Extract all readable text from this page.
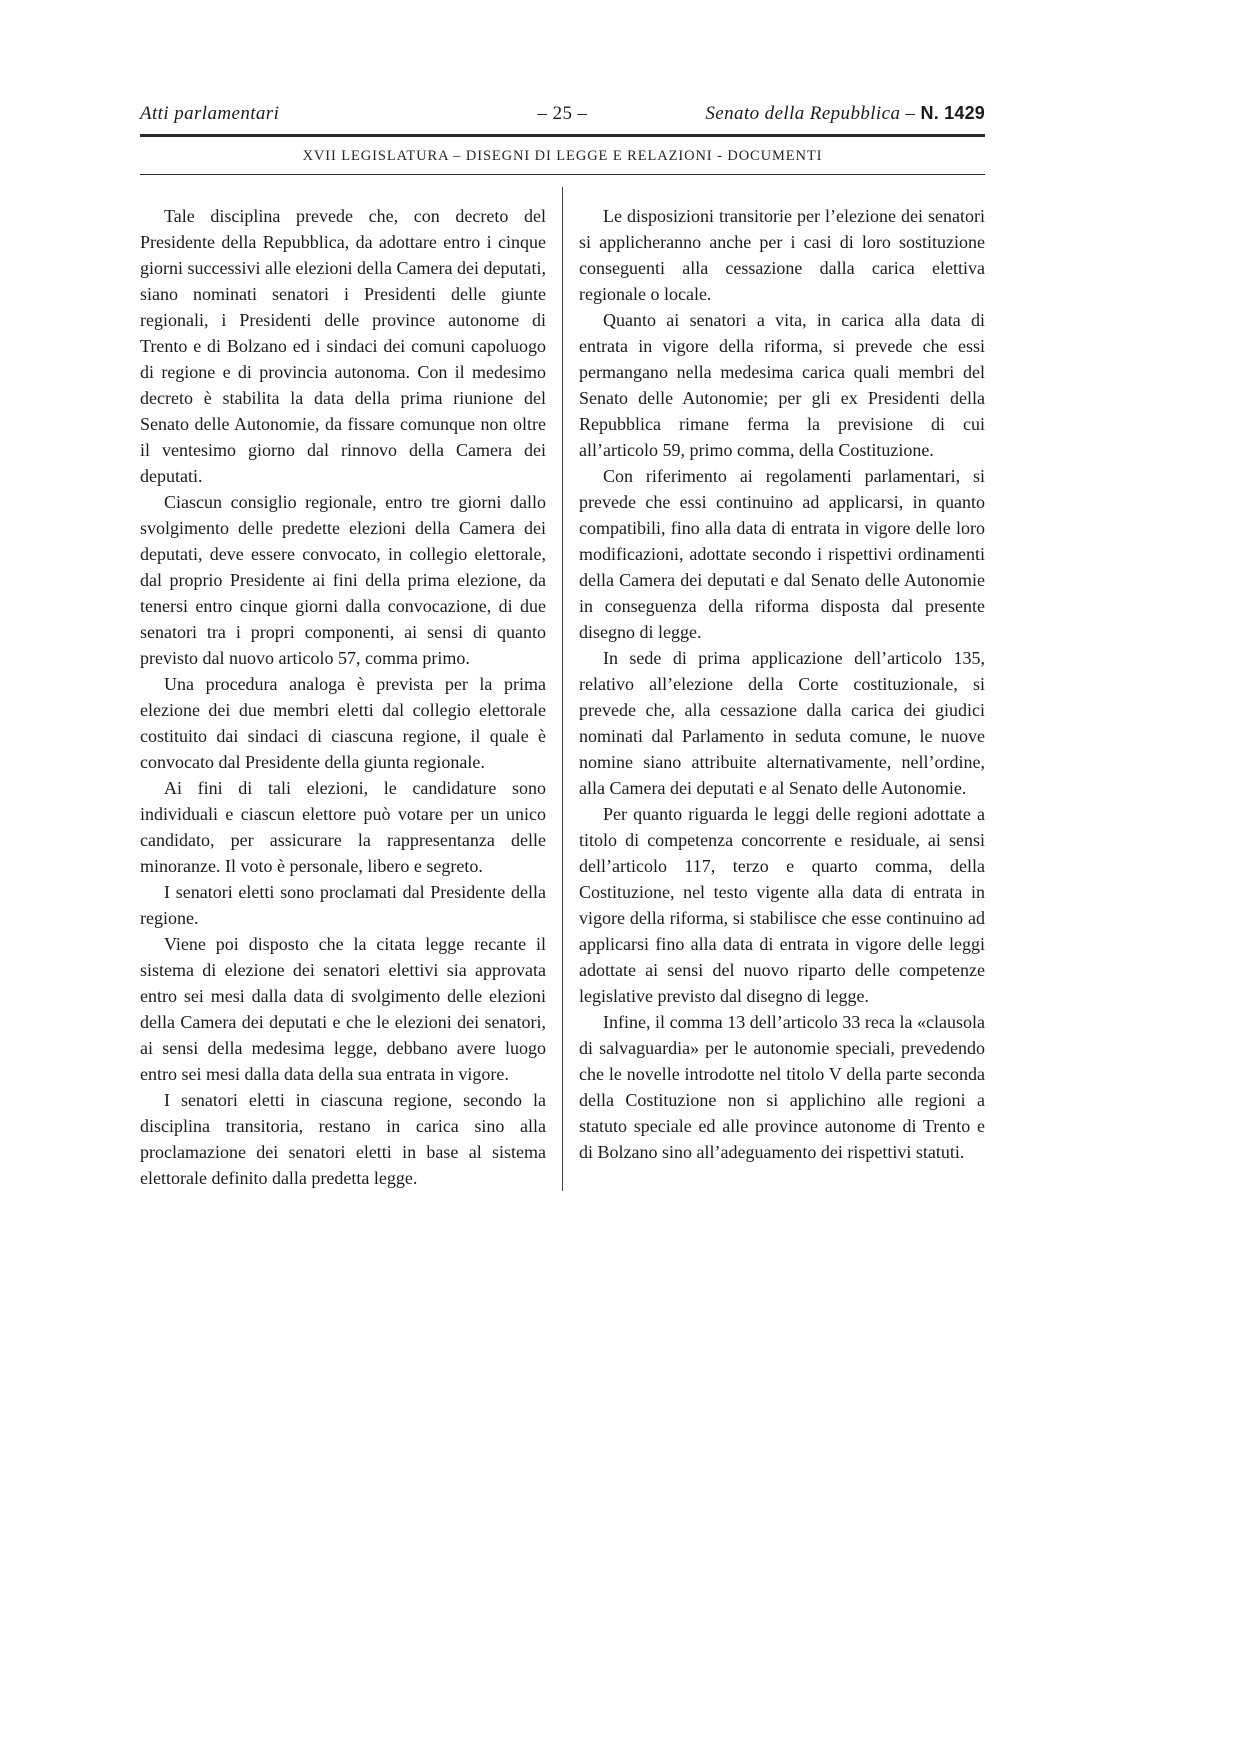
Atti parlamentari	– 25 –	Senato della Repubblica – N. 1429
XVII LEGISLATURA – DISEGNI DI LEGGE E RELAZIONI - DOCUMENTI

Tale disciplina prevede che, con decreto del Presidente della Repubblica, da adottare entro i cinque giorni successivi alle elezioni della Camera dei deputati, siano nominati senatori i Presidenti delle giunte regionali, i Presidenti delle province autonome di Trento e di Bolzano ed i sindaci dei comuni capoluogo di regione e di provincia autonoma. Con il medesimo decreto è stabilita la data della prima riunione del Senato delle Autonomie, da fissare comunque non oltre il ventesimo giorno dal rinnovo della Camera dei deputati.

Ciascun consiglio regionale, entro tre giorni dallo svolgimento delle predette elezioni della Camera dei deputati, deve essere convocato, in collegio elettorale, dal proprio Presidente ai fini della prima elezione, da tenersi entro cinque giorni dalla convocazione, di due senatori tra i propri componenti, ai sensi di quanto previsto dal nuovo articolo 57, comma primo.

Una procedura analoga è prevista per la prima elezione dei due membri eletti dal collegio elettorale costituito dai sindaci di ciascuna regione, il quale è convocato dal Presidente della giunta regionale.

Ai fini di tali elezioni, le candidature sono individuali e ciascun elettore può votare per un unico candidato, per assicurare la rappresentanza delle minoranze. Il voto è personale, libero e segreto.

I senatori eletti sono proclamati dal Presidente della regione.

Viene poi disposto che la citata legge recante il sistema di elezione dei senatori elettivi sia approvata entro sei mesi dalla data di svolgimento delle elezioni della Camera dei deputati e che le elezioni dei senatori, ai sensi della medesima legge, debbano avere luogo entro sei mesi dalla data della sua entrata in vigore.

I senatori eletti in ciascuna regione, secondo la disciplina transitoria, restano in carica sino alla proclamazione dei senatori eletti in base al sistema elettorale definito dalla predetta legge.

Le disposizioni transitorie per l’elezione dei senatori si applicheranno anche per i casi di loro sostituzione conseguenti alla cessazione dalla carica elettiva regionale o locale.

Quanto ai senatori a vita, in carica alla data di entrata in vigore della riforma, si prevede che essi permangano nella medesima carica quali membri del Senato delle Autonomie; per gli ex Presidenti della Repubblica rimane ferma la previsione di cui all’articolo 59, primo comma, della Costituzione.

Con riferimento ai regolamenti parlamentari, si prevede che essi continuino ad applicarsi, in quanto compatibili, fino alla data di entrata in vigore delle loro modificazioni, adottate secondo i rispettivi ordinamenti della Camera dei deputati e dal Senato delle Autonomie in conseguenza della riforma disposta dal presente disegno di legge.

In sede di prima applicazione dell’articolo 135, relativo all’elezione della Corte costituzionale, si prevede che, alla cessazione dalla carica dei giudici nominati dal Parlamento in seduta comune, le nuove nomine siano attribuite alternativamente, nell’ordine, alla Camera dei deputati e al Senato delle Autonomie.

Per quanto riguarda le leggi delle regioni adottate a titolo di competenza concorrente e residuale, ai sensi dell’articolo 117, terzo e quarto comma, della Costituzione, nel testo vigente alla data di entrata in vigore della riforma, si stabilisce che esse continuino ad applicarsi fino alla data di entrata in vigore delle leggi adottate ai sensi del nuovo riparto delle competenze legislative previsto dal disegno di legge.

Infine, il comma 13 dell’articolo 33 reca la «clausola di salvaguardia» per le autonomie speciali, prevedendo che le novelle introdotte nel titolo V della parte seconda della Costituzione non si applichino alle regioni a statuto speciale ed alle province autonome di Trento e di Bolzano sino all’adeguamento dei rispettivi statuti.
